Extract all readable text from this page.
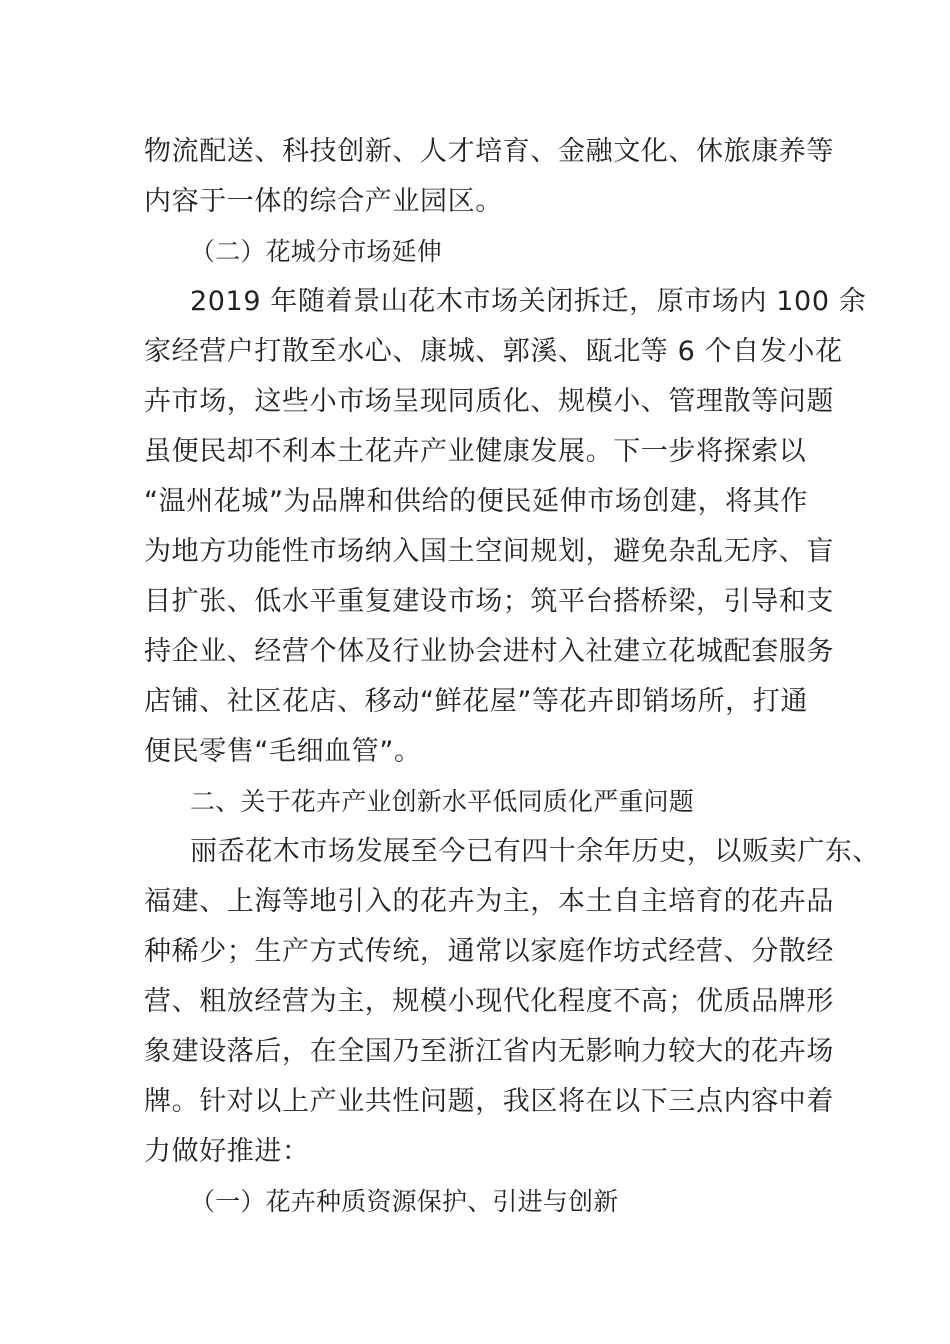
物流配送、科技创新、人才培育、金融文化、休旅康养等
内容于一体的综合产业园区。
（二）花城分市场延伸
2019 年随着景山花木市场关闭拆迁，原市场内 100 余
家经营户打散至水心、康城、郭溪、瓯北等 6 个自发小花
卉市场，这些小市场呈现同质化、规模小、管理散等问题
虽便民却不利本土花卉产业健康发展。下一步将探索以
“温州花城”为品牌和供给的便民延伸市场创建，将其作
为地方功能性市场纳入国土空间规划，避免杂乱无序、盲
目扩张、低水平重复建设市场；筑平台搭桥梁，引导和支
持企业、经营个体及行业协会进村入社建立花城配套服务
店铺、社区花店、移动“鲜花屋”等花卉即销场所，打通
便民零售“毛细血管”。
二、关于花卉产业创新水平低同质化严重问题
丽岙花木市场发展至今已有四十余年历史，以贩卖广东、
福建、上海等地引入的花卉为主，本土自主培育的花卉品
种稀少；生产方式传统，通常以家庭作坊式经营、分散经
营、粗放经营为主，规模小现代化程度不高；优质品牌形
象建设落后，在全国乃至浙江省内无影响力较大的花卉场
牌。针对以上产业共性问题，我区将在以下三点内容中着
力做好推进：
（一）花卉种质资源保护、引进与创新
